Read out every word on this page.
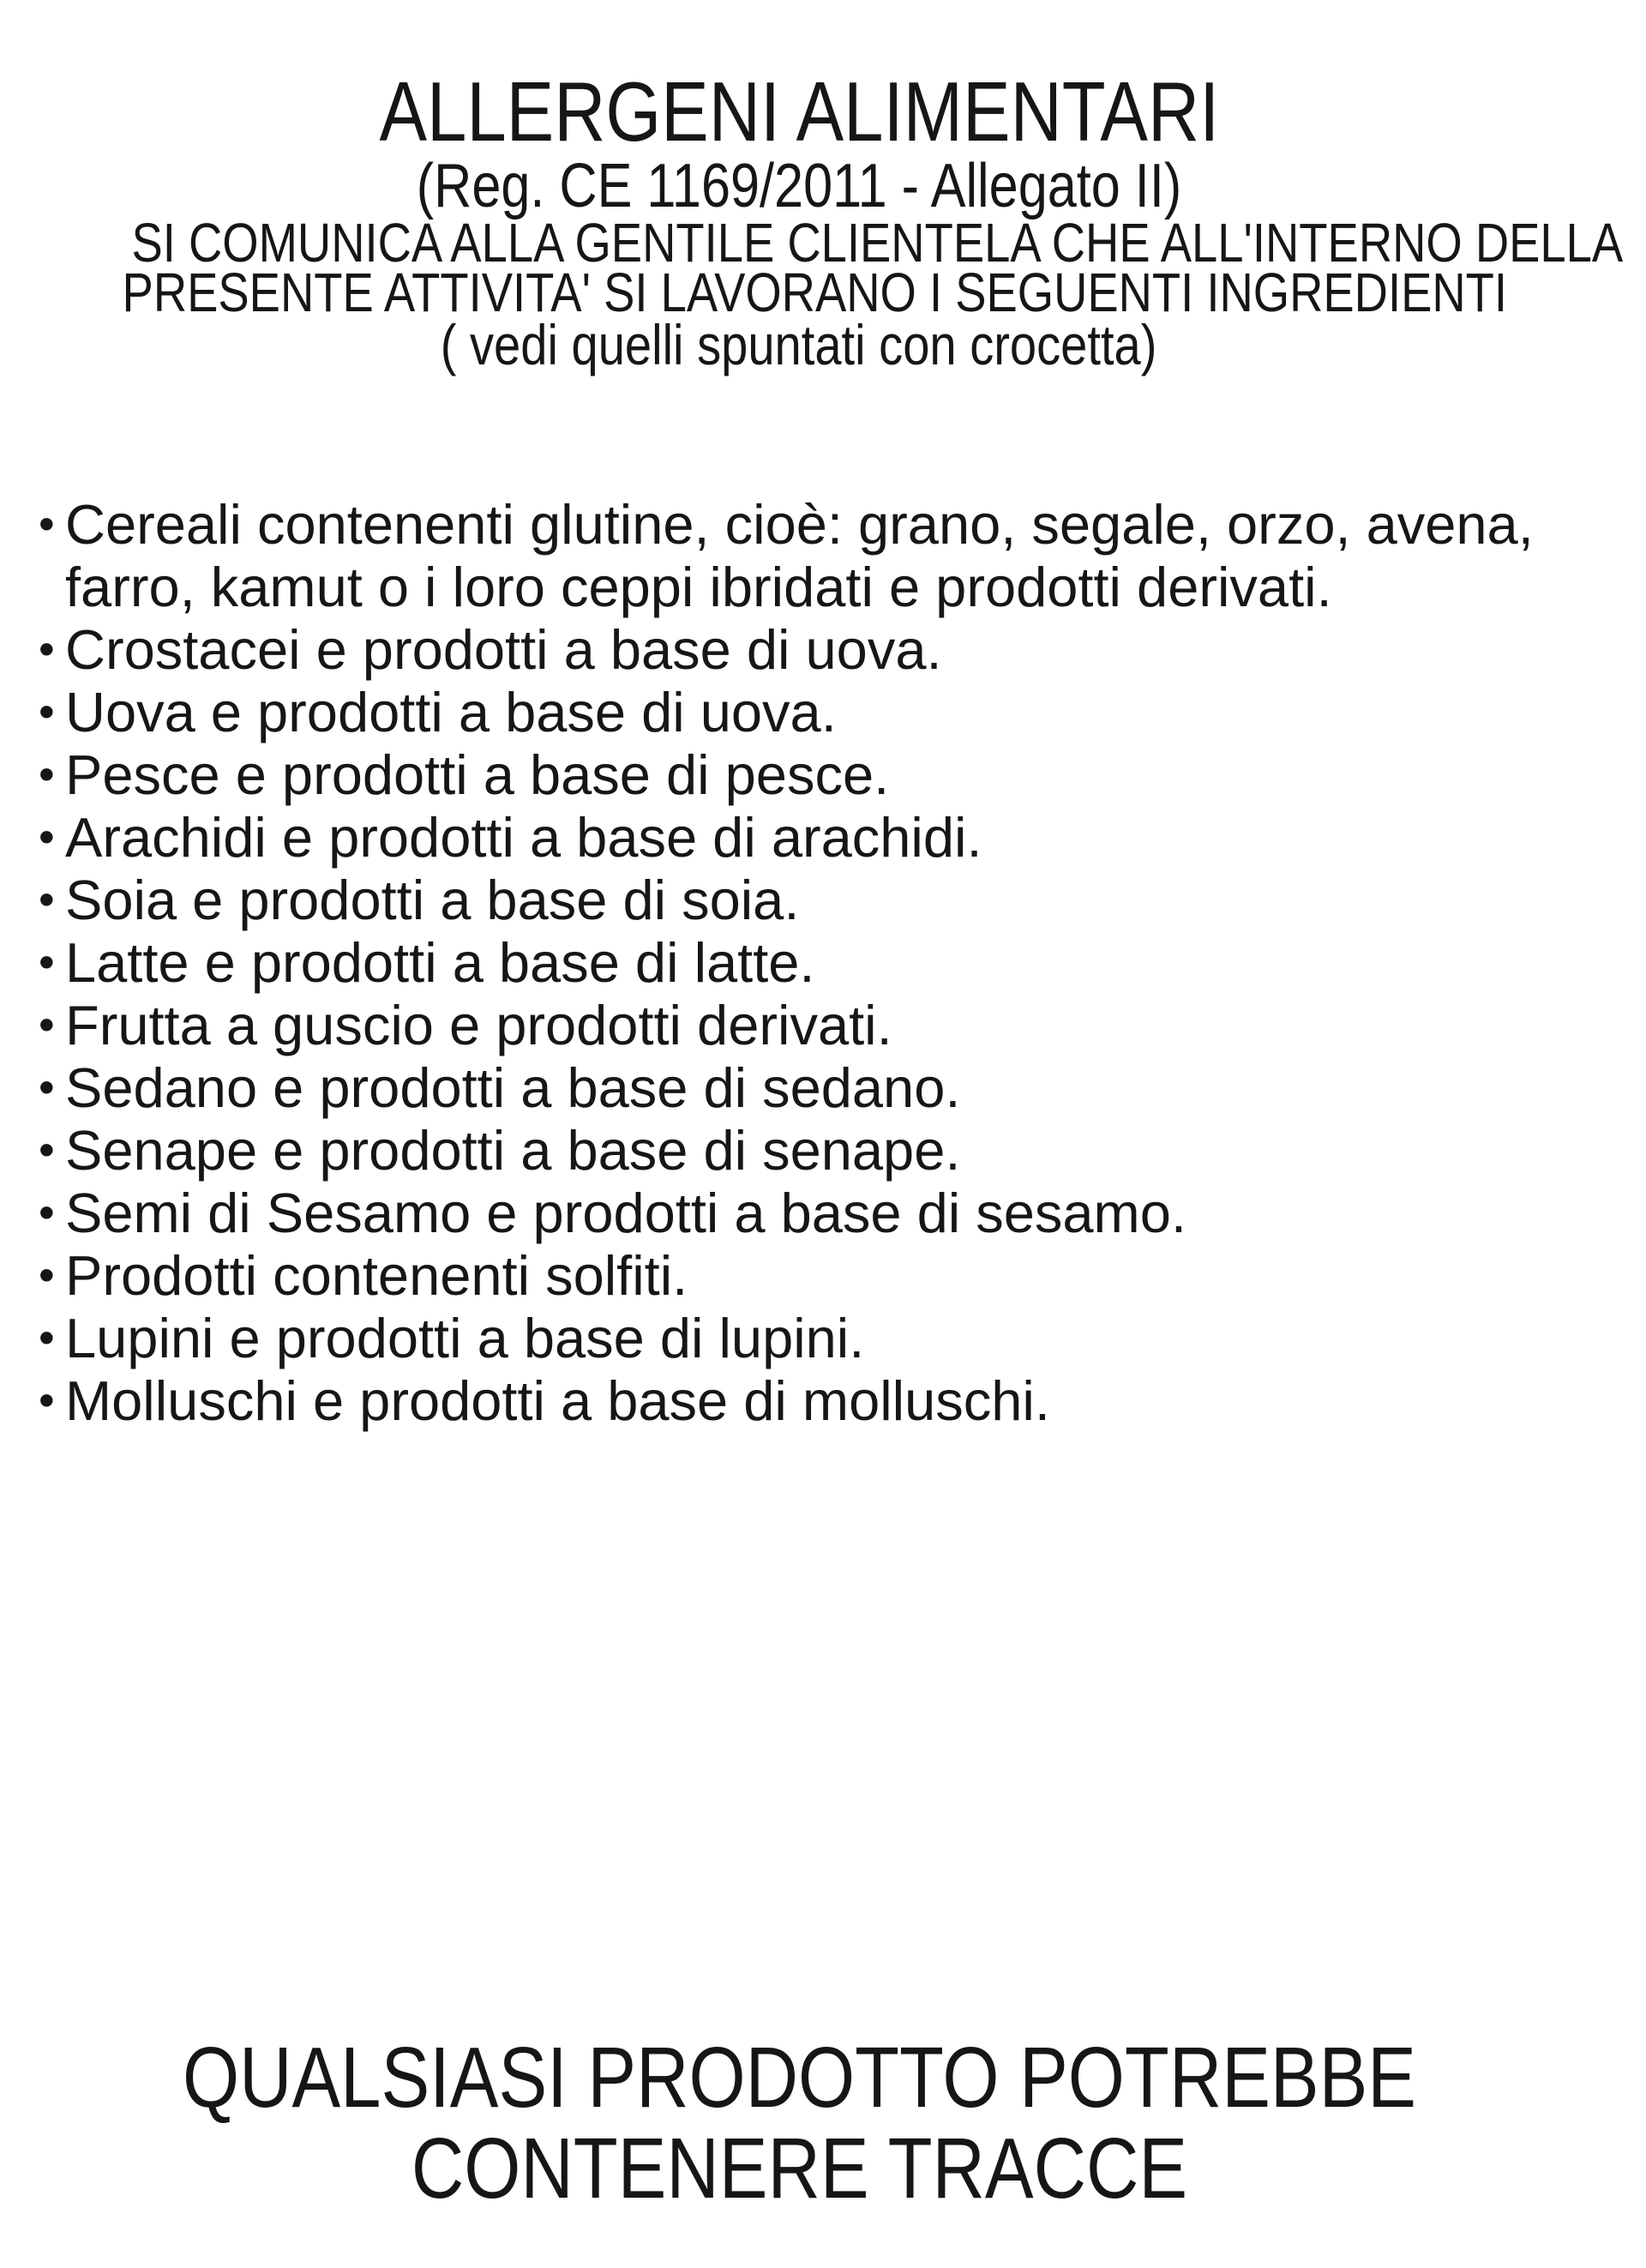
ALLERGENI ALIMENTARI

(Reg. CE 1169/2011 - Allegato II)

SI COMUNICA ALLA GENTILE CLIENTELA CHE ALL'INTERNO DELLA

PRESENTE ATTIVITA' SI LAVORANO I SEGUENTI INGREDIENTI

( vedi quelli spuntati con crocetta)

• Cereali contenenti glutine, cioè: grano, segale, orzo, avena, farro, kamut o i loro ceppi ibridati e prodotti derivati.
• Crostacei e prodotti a base di uova.
• Uova e prodotti a base di uova.
• Pesce e prodotti a base di pesce.
• Arachidi e prodotti a base di arachidi.
• Soia e prodotti a base di soia.
• Latte e prodotti a base di latte.
• Frutta a guscio e prodotti derivati.
• Sedano e prodotti a base di sedano.
• Senape e prodotti a base di senape.
• Semi di Sesamo e prodotti a base di sesamo.
• Prodotti contenenti solfiti.
• Lupini e prodotti a base di lupini.
• Molluschi e prodotti a base di molluschi.
QUALSIASI PRODOTTO POTREBBE
CONTENERE TRACCE
